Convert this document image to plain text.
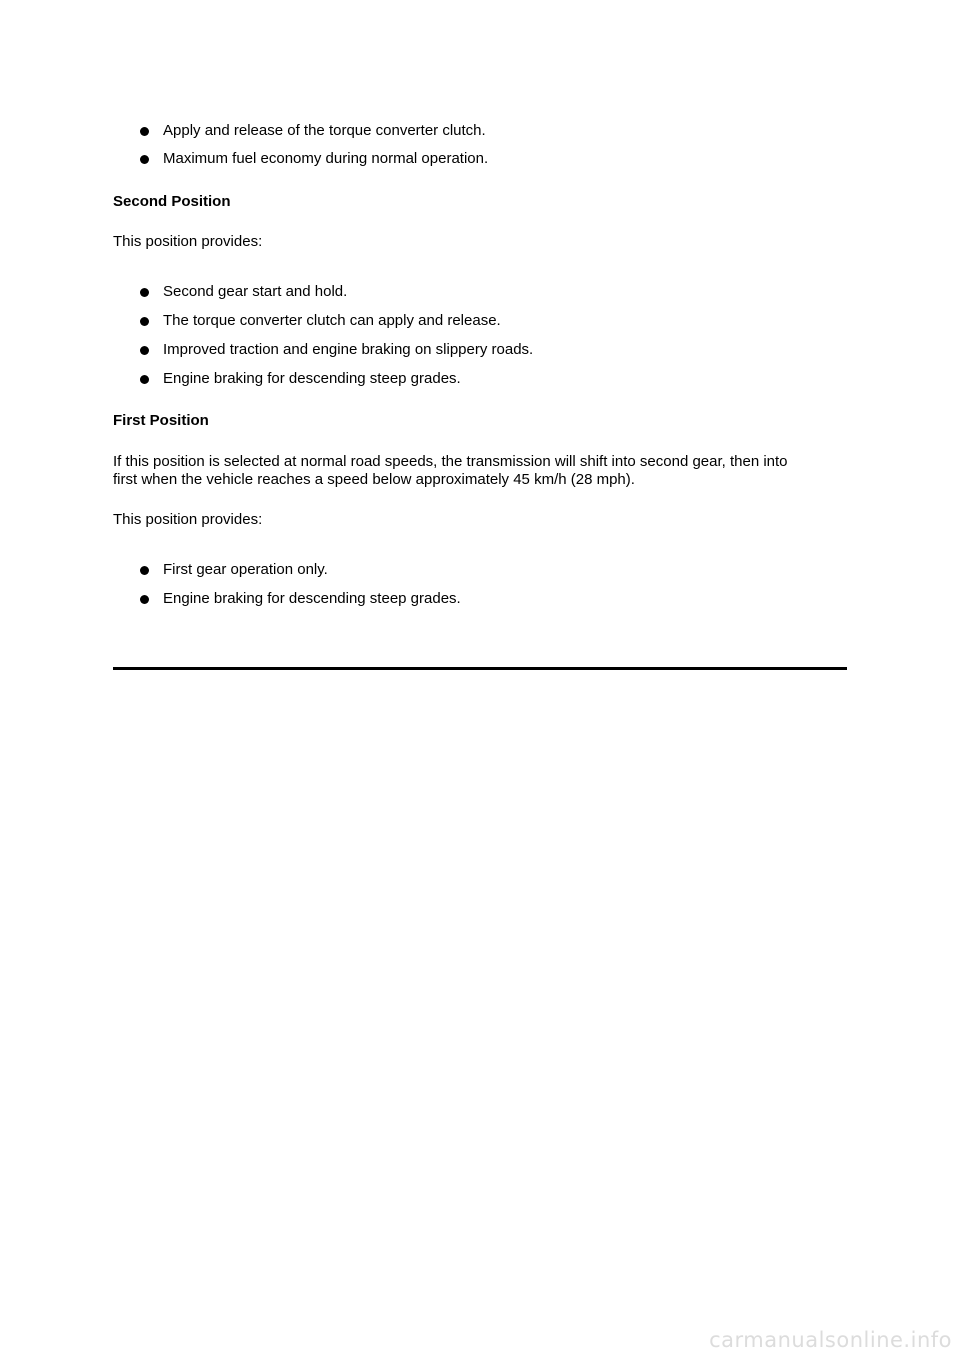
Apply and release of the torque converter clutch.
Maximum fuel economy during normal operation.
Second Position
This position provides:
Second gear start and hold.
The torque converter clutch can apply and release.
Improved traction and engine braking on slippery roads.
Engine braking for descending steep grades.
First Position
If this position is selected at normal road speeds, the transmission will shift into second gear, then into
first when the vehicle reaches a speed below approximately 45 km/h (28 mph).
This position provides:
First gear operation only.
Engine braking for descending steep grades.
carmanualsonline.info
